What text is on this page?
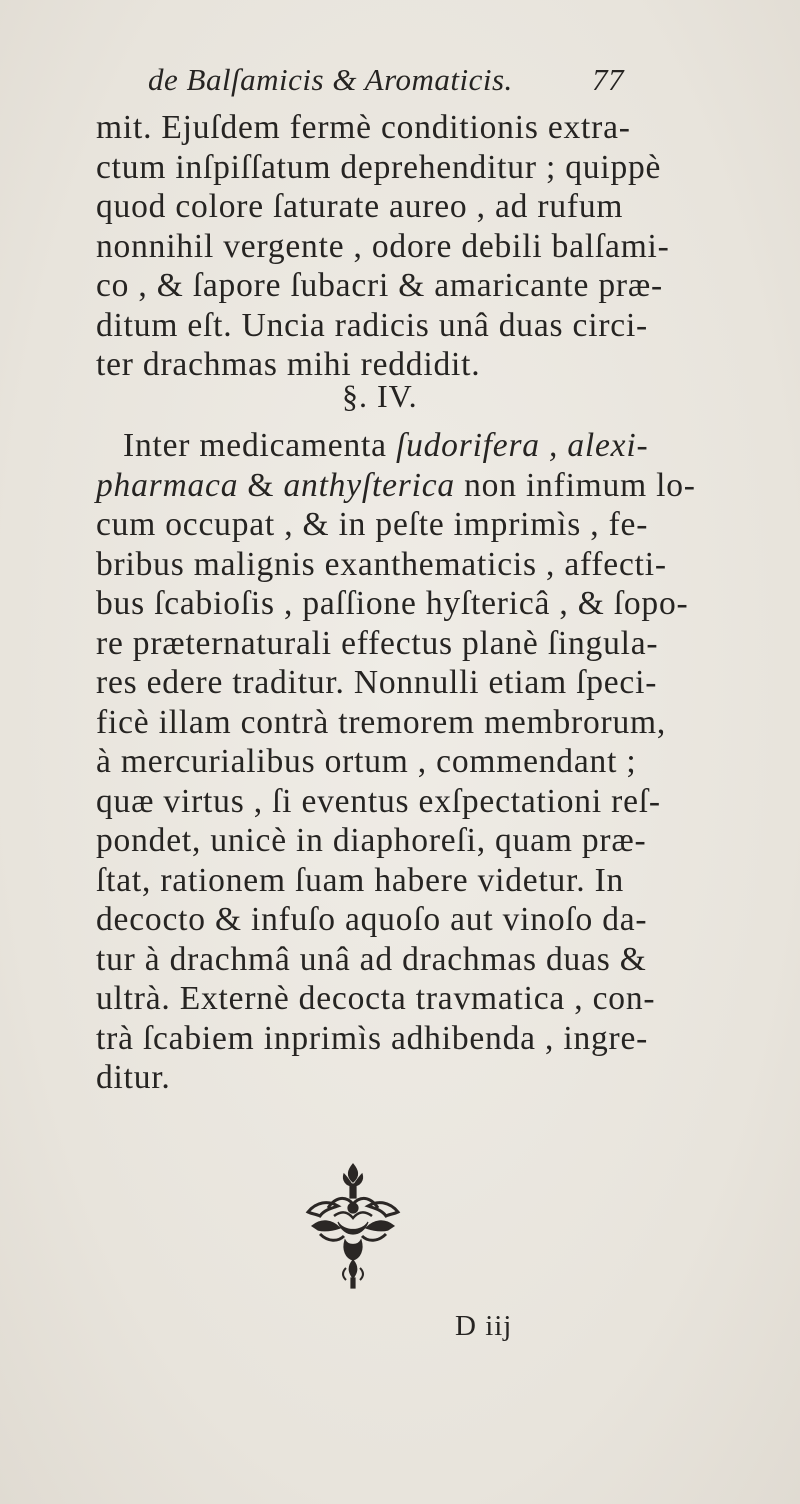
de Balſamicis & Aromaticis.	77
mit. Ejuſdem fermè conditionis extra-
ctum inſpiſſatum deprehenditur ; quippè
quod colore ſaturate aureo , ad rufum
nonnihil vergente , odore debili balſami-
co , & ſapore ſubacri & amaricante præ-
ditum eſt. Uncia radicis unâ duas circi-
ter drachmas mihi reddidit.
§. IV.
Inter medicamenta ſudorifera , alexi-
pharmaca & anthyſterica non infimum lo-
cum occupat , & in peſte imprimìs , fe-
bribus malignis exanthematicis , affecti-
bus ſcabioſis , paſſione hyſtericâ , & ſopo-
re præternaturali effectus planè ſingula-
res edere traditur. Nonnulli etiam ſpeci-
ficè illam contrà tremorem membrorum,
à mercurialibus ortum , commendant ;
quæ virtus , ſi eventus exſpectationi reſ-
pondet, unicè in diaphoreſi, quam præ-
ſtat, rationem ſuam habere videtur. In
decocto & infuſo aquoſo aut vinoſo da-
tur à drachmâ unâ ad drachmas duas &
ultrà. Externè decocta travmatica , con-
trà ſcabiem inprimìs adhibenda , ingre-
ditur.
D iij
